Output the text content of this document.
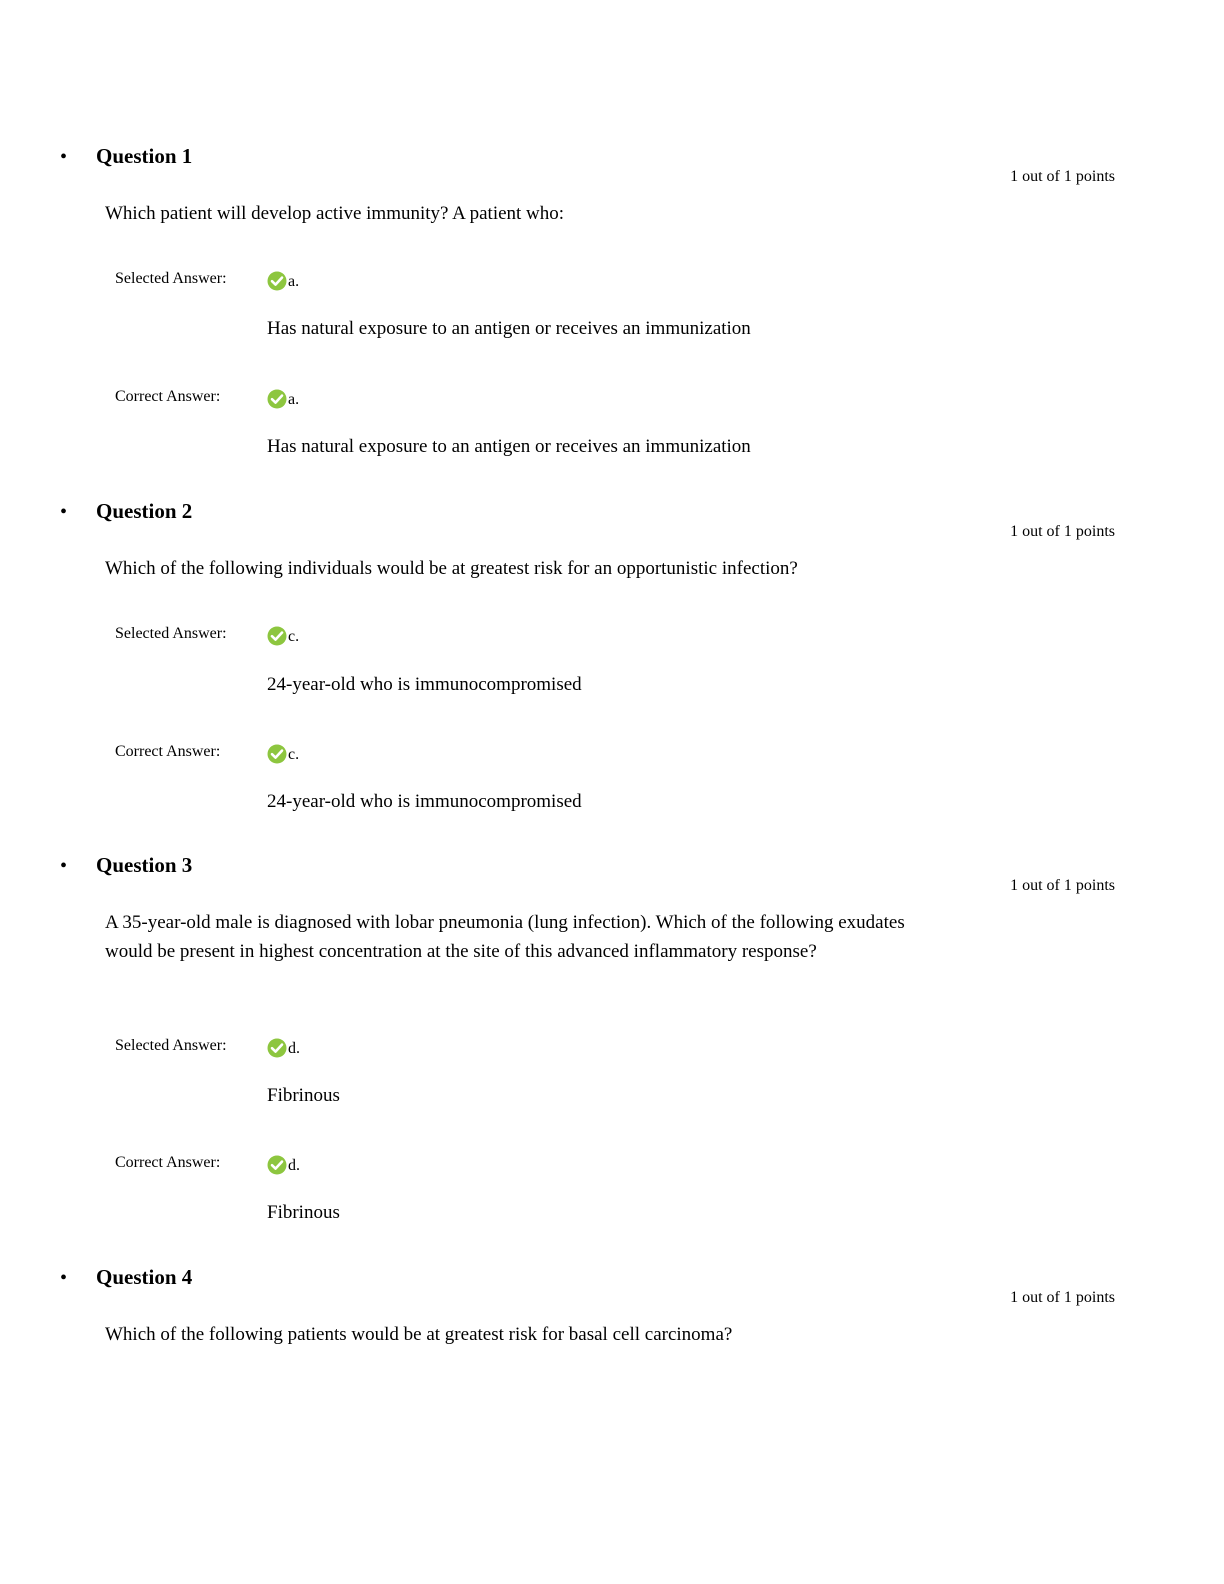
• Question 1
1 out of 1 points
Which patient will develop active immunity? A patient who:
Selected Answer:	a.
Has natural exposure to an antigen or receives an immunization
Correct Answer:	a.
Has natural exposure to an antigen or receives an immunization
• Question 2
1 out of 1 points
Which of the following individuals would be at greatest risk for an opportunistic infection?
Selected Answer:	c.
24-year-old who is immunocompromised
Correct Answer:	c.
24-year-old who is immunocompromised
• Question 3
1 out of 1 points
A 35-year-old male is diagnosed with lobar pneumonia (lung infection). Which of the following exudates would be present in highest concentration at the site of this advanced inflammatory response?
Selected Answer:	d.
Fibrinous
Correct Answer:	d.
Fibrinous
• Question 4
1 out of 1 points
Which of the following patients would be at greatest risk for basal cell carcinoma?
